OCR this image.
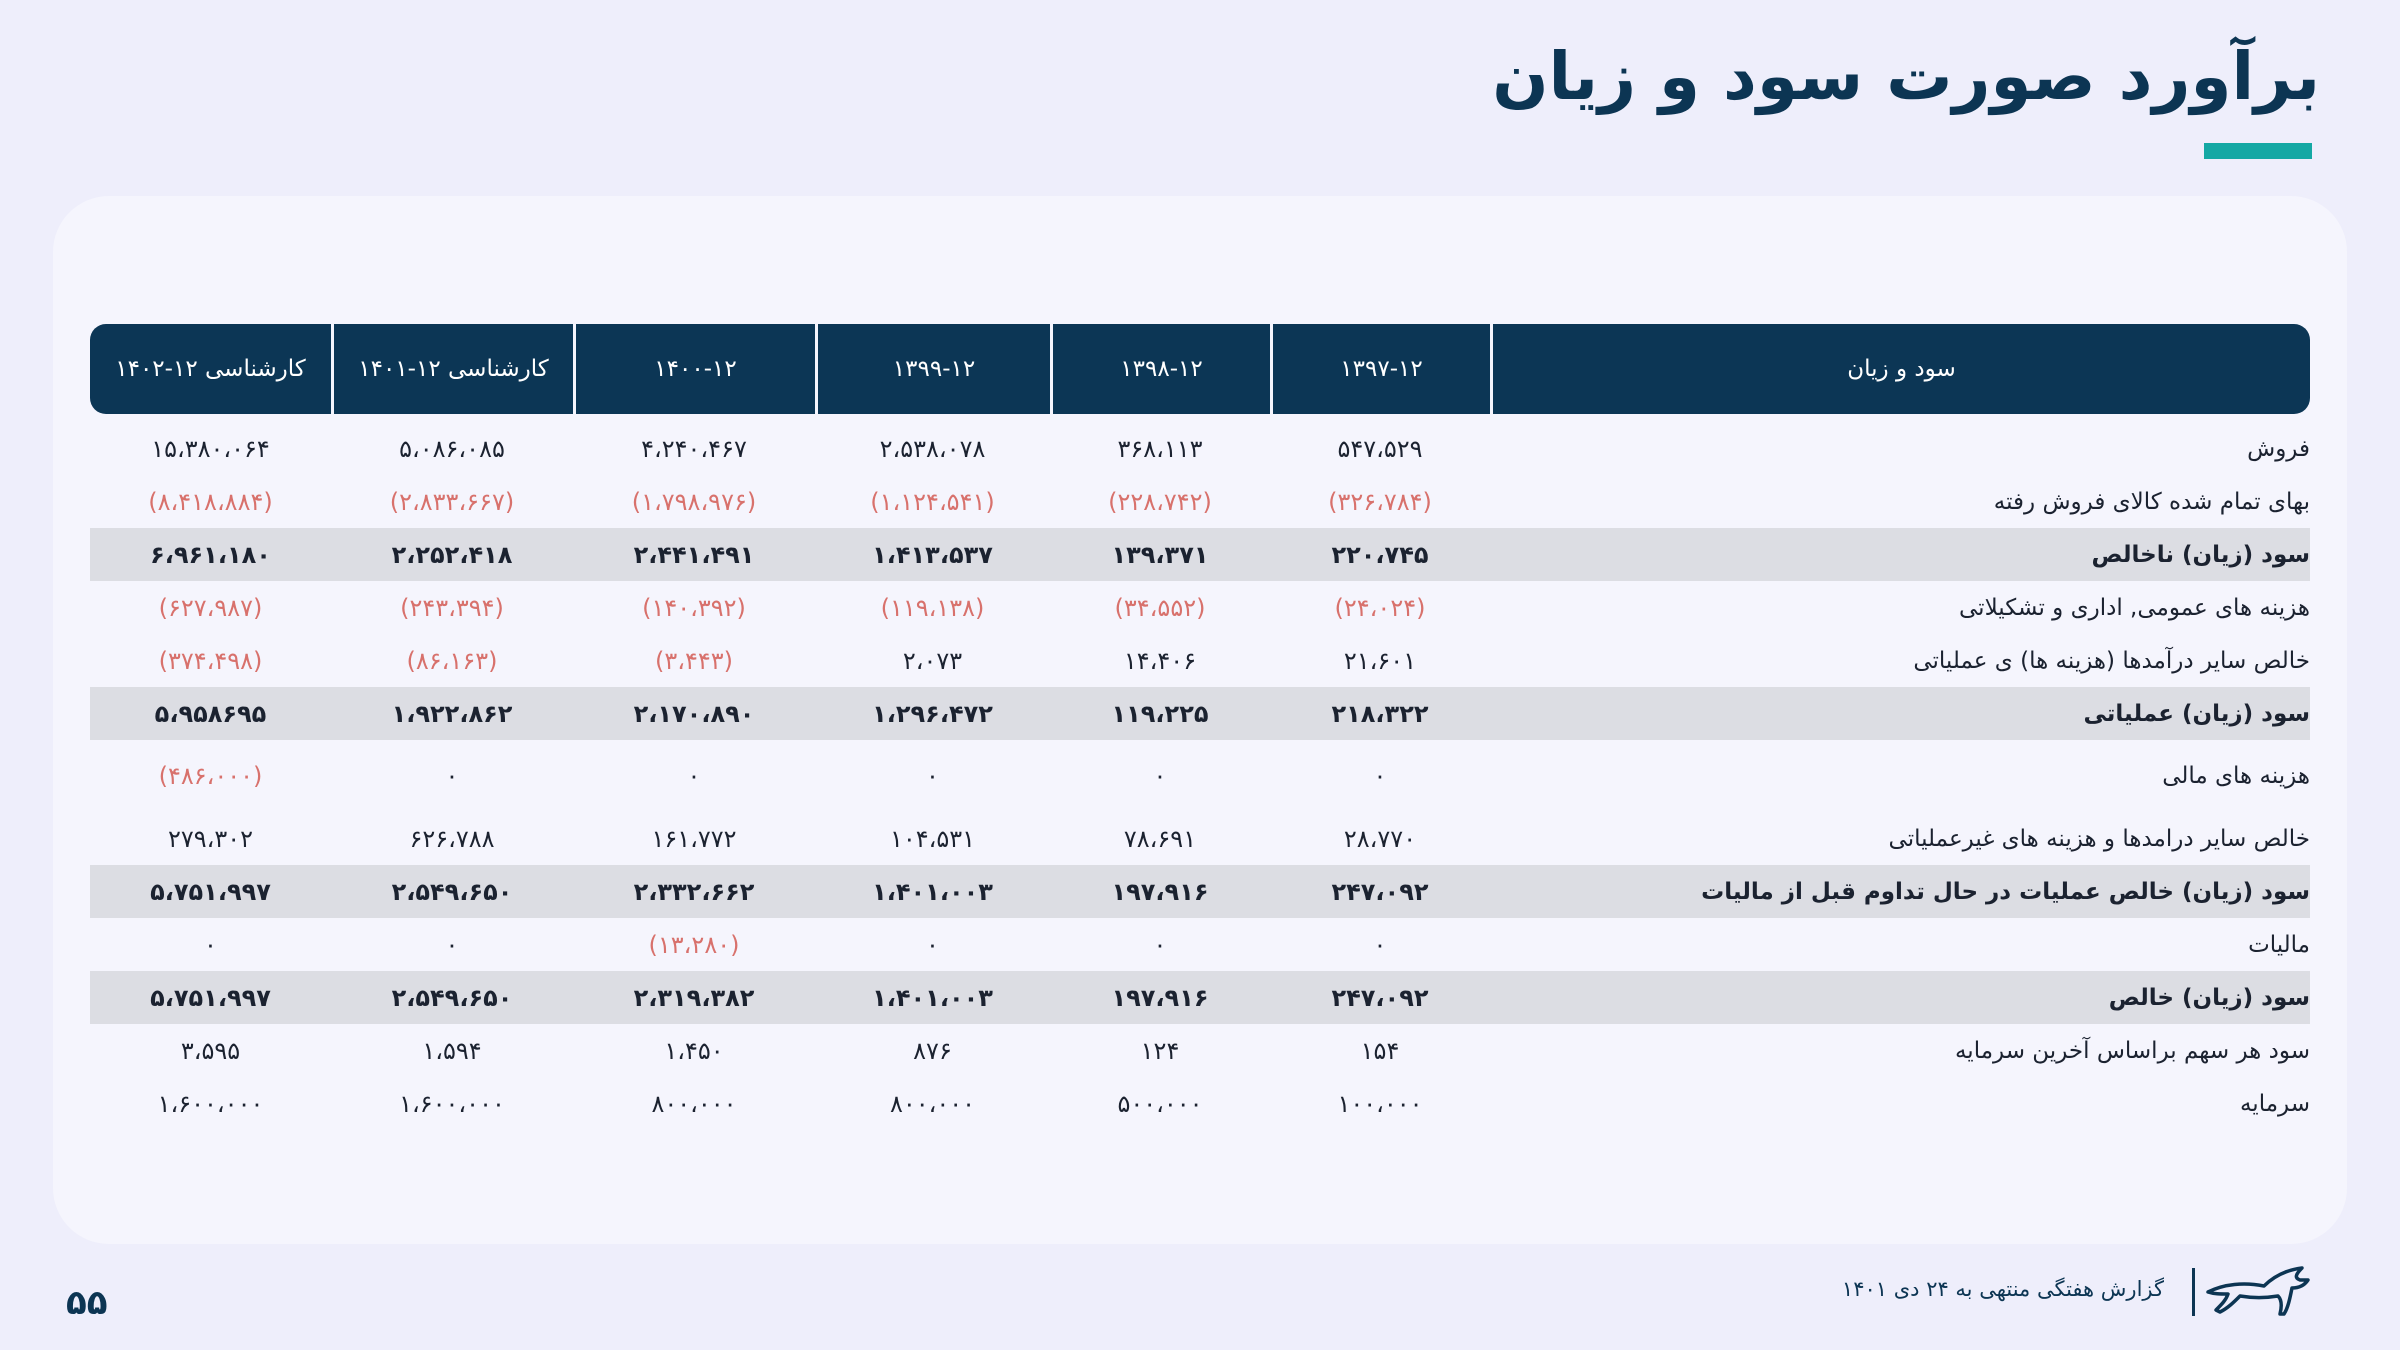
برآورد صورت سود و زیان
سود و زیان	۱۳۹۷-۱۲	۱۳۹۸-۱۲	۱۳۹۹-۱۲	۱۴۰۰-۱۲	کارشناسی ۱۲-۱۴۰۱	کارشناسی ۱۲-۱۴۰۲

فروش	۵۴۷،۵۲۹	۳۶۸،۱۱۳	۲،۵۳۸،۰۷۸	۴،۲۴۰،۴۶۷	۵،۰۸۶،۰۸۵	۱۵،۳۸۰،۰۶۴
بهای تمام شده کالای فروش رفته	(۳۲۶،۷۸۴)	(۲۲۸،۷۴۲)	(۱،۱۲۴،۵۴۱)	(۱،۷۹۸،۹۷۶)	(۲،۸۳۳،۶۶۷)	(۸،۴۱۸،۸۸۴)
سود (زیان) ناخالص	۲۲۰،۷۴۵	۱۳۹،۳۷۱	۱،۴۱۳،۵۳۷	۲،۴۴۱،۴۹۱	۲،۲۵۲،۴۱۸	۶،۹۶۱،۱۸۰
هزینه های عمومی, اداری و تشکیلاتی	(۲۴،۰۲۴)	(۳۴،۵۵۲)	(۱۱۹،۱۳۸)	(۱۴۰،۳۹۲)	(۲۴۳،۳۹۴)	(۶۲۷،۹۸۷)
خالص سایر درآمدها (هزینه ها) ی عملیاتی	۲۱،۶۰۱	۱۴،۴۰۶	۲،۰۷۳	(۳،۴۴۳)	(۸۶،۱۶۳)	(۳۷۴،۴۹۸)
سود (زیان) عملیاتی	۲۱۸،۳۲۲	۱۱۹،۲۲۵	۱،۲۹۶،۴۷۲	۲،۱۷۰،۸۹۰	۱،۹۲۲،۸۶۲	۵،۹۵۸۶۹۵
هزینه های مالی	۰	۰	۰	۰	۰	(۴۸۶،۰۰۰)
خالص سایر درامدها و هزینه های غیرعملیاتی	۲۸،۷۷۰	۷۸،۶۹۱	۱۰۴،۵۳۱	۱۶۱،۷۷۲	۶۲۶،۷۸۸	۲۷۹،۳۰۲
سود (زیان) خالص عملیات در حال تداوم قبل از مالیات	۲۴۷،۰۹۲	۱۹۷،۹۱۶	۱،۴۰۱،۰۰۳	۲،۳۳۲،۶۶۲	۲،۵۴۹،۶۵۰	۵،۷۵۱،۹۹۷
مالیات	۰	۰	۰	(۱۳،۲۸۰)	۰	۰
سود (زیان) خالص	۲۴۷،۰۹۲	۱۹۷،۹۱۶	۱،۴۰۱،۰۰۳	۲،۳۱۹،۳۸۲	۲،۵۴۹،۶۵۰	۵،۷۵۱،۹۹۷
سود هر سهم براساس آخرین سرمایه	۱۵۴	۱۲۴	۸۷۶	۱،۴۵۰	۱،۵۹۴	۳،۵۹۵
سرمایه	۱۰۰،۰۰۰	۵۰۰،۰۰۰	۸۰۰،۰۰۰	۸۰۰،۰۰۰	۱،۶۰۰،۰۰۰	۱،۶۰۰،۰۰۰
۵۵	گزارش هفتگی منتهی به ۲۴ دی ۱۴۰۱
